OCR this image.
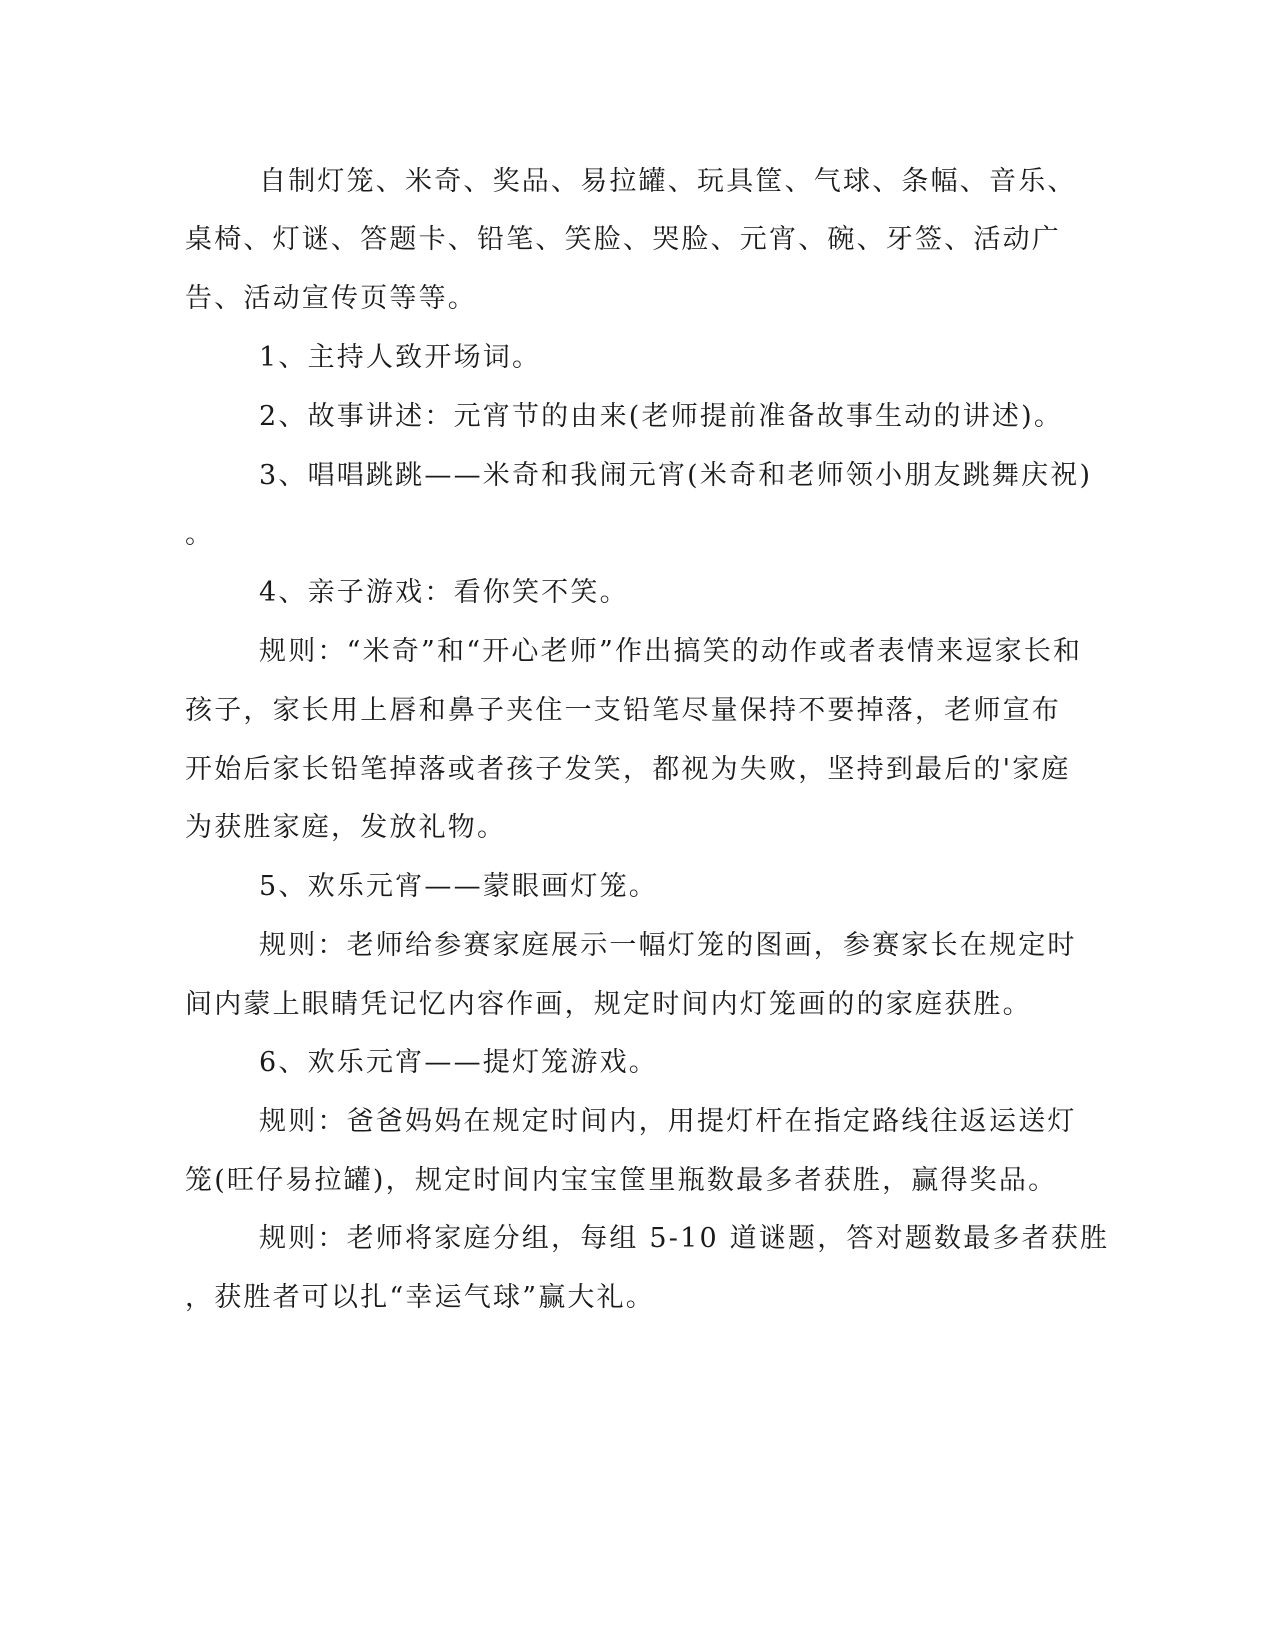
自制灯笼、米奇、奖品、易拉罐、玩具筐、气球、条幅、音乐、

桌椅、灯谜、答题卡、铅笔、笑脸、哭脸、元宵、碗、牙签、活动广

告、活动宣传页等等。

1、主持人致开场词。

2、故事讲述：元宵节的由来(老师提前准备故事生动的讲述)。

3、唱唱跳跳——米奇和我闹元宵(米奇和老师领小朋友跳舞庆祝)

。

4、亲子游戏：看你笑不笑。

规则：“米奇”和“开心老师”作出搞笑的动作或者表情来逗家长和

孩子，家长用上唇和鼻子夹住一支铅笔尽量保持不要掉落，老师宣布

开始后家长铅笔掉落或者孩子发笑，都视为失败，坚持到最后的'家庭

为获胜家庭，发放礼物。

5、欢乐元宵——蒙眼画灯笼。

规则：老师给参赛家庭展示一幅灯笼的图画，参赛家长在规定时

间内蒙上眼睛凭记忆内容作画，规定时间内灯笼画的的家庭获胜。

6、欢乐元宵——提灯笼游戏。

规则：爸爸妈妈在规定时间内，用提灯杆在指定路线往返运送灯

笼(旺仔易拉罐)，规定时间内宝宝筐里瓶数最多者获胜，赢得奖品。

规则：老师将家庭分组，每组 5-10 道谜题，答对题数最多者获胜

，获胜者可以扎“幸运气球”赢大礼。
